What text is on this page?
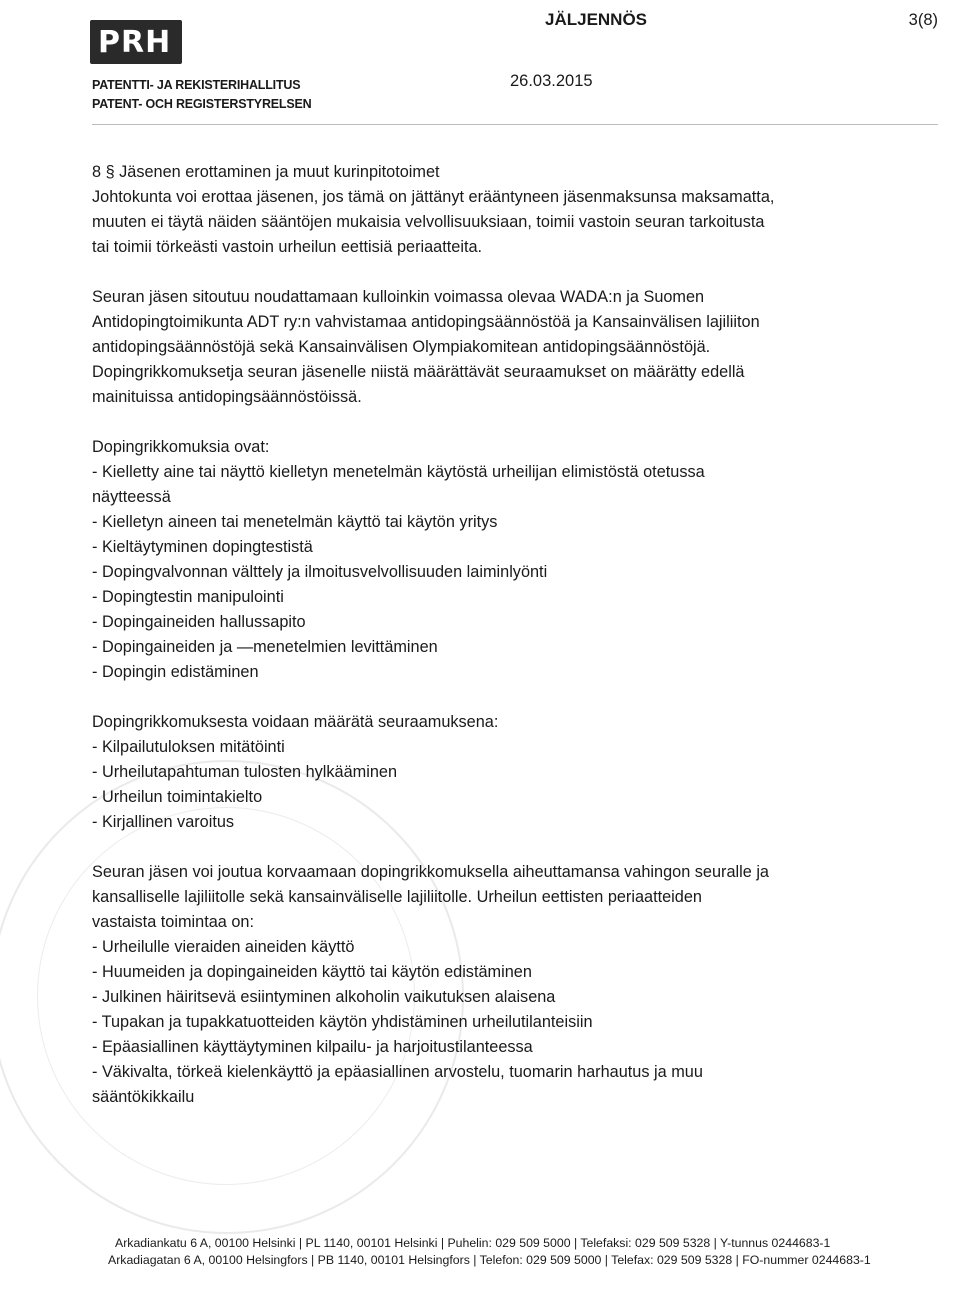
PRH
PATENTTI- JA REKISTERIHALLITUS
PATENT- OCH REGISTERSTYRELSEN
JÄLJENNÖS	3(8)
26.03.2015

8 § Jäsenen erottaminen ja muut kurinpitotoimet

Johtokunta voi erottaa jäsenen, jos tämä on jättänyt erääntyneen jäsenmaksunsa maksamatta,

muuten ei täytä näiden sääntöjen mukaisia velvollisuuksiaan, toimii vastoin seuran tarkoitusta

tai toimii törkeästi vastoin urheilun eettisiä periaatteita.

Seuran jäsen sitoutuu noudattamaan kulloinkin voimassa olevaa WADA:n ja Suomen

Antidopingtoimikunta ADT ry:n vahvistamaa antidopingsäännöstöä ja Kansainvälisen lajiliiton

antidopingsäännöstöjä sekä Kansainvälisen Olympiakomitean antidopingsäännöstöjä.

Dopingrikkomuksetja seuran jäsenelle niistä määrättävät seuraamukset on määrätty edellä

mainituissa antidopingsäännöstöissä.

Dopingrikkomuksia ovat:

- Kielletty aine tai näyttö kielletyn menetelmän käytöstä urheilijan elimistöstä otetussa

näytteessä

- Kielletyn aineen tai menetelmän käyttö tai käytön yritys

- Kieltäytyminen dopingtestistä

- Dopingvalvonnan välttely ja ilmoitusvelvollisuuden laiminlyönti

- Dopingtestin manipulointi

- Dopingaineiden hallussapito

- Dopingaineiden ja —menetelmien levittäminen

- Dopingin edistäminen

Dopingrikkomuksesta voidaan määrätä seuraamuksena:

- Kilpailutuloksen mitätöinti

- Urheilutapahtuman tulosten hylkääminen

- Urheilun toimintakielto

- Kirjallinen varoitus

Seuran jäsen voi joutua korvaamaan dopingrikkomuksella aiheuttamansa vahingon seuralle ja

kansalliselle lajiliitolle sekä kansainväliselle lajiliitolle. Urheilun eettisten periaatteiden

vastaista toimintaa on:

- Urheilulle vieraiden aineiden käyttö

- Huumeiden ja dopingaineiden käyttö tai käytön edistäminen

- Julkinen häiritsevä esiintyminen alkoholin vaikutuksen alaisena

- Tupakan ja tupakkatuotteiden käytön yhdistäminen urheilutilanteisiin

- Epäasiallinen käyttäytyminen kilpailu- ja harjoitustilanteessa

- Väkivalta, törkeä kielenkäyttö ja epäasiallinen arvostelu, tuomarin harhautus ja muu

sääntökikkailu

Arkadiankatu 6 A, 00100 Helsinki | PL 1140, 00101 Helsinki | Puhelin: 029 509 5000 | Telefaksi: 029 509 5328 | Y-tunnus 0244683-1
Arkadiagatan 6 A, 00100 Helsingfors | PB 1140, 00101 Helsingfors | Telefon: 029 509 5000 | Telefax: 029 509 5328 | FO-nummer 0244683-1
